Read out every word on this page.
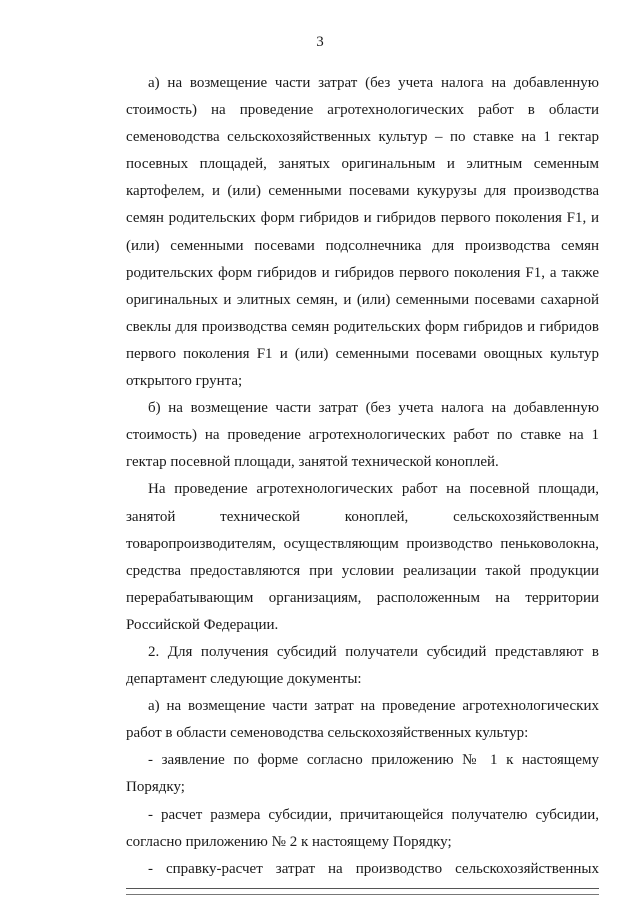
3

а) на возмещение части затрат (без учета налога на добавленную стоимость) на проведение агротехнологических работ в области семеноводства сельскохозяйственных культур – по ставке на 1 гектар посевных площадей, занятых оригинальным и элитным семенным картофелем, и (или) семенными посевами кукурузы для производства семян родительских форм гибридов и гибридов первого поколения F1, и (или) семенными посевами подсолнечника для производства семян родительских форм гибридов и гибридов первого поколения F1, а также оригинальных и элитных семян, и (или) семенными посевами сахарной свеклы для производства семян родительских форм гибридов и гибридов первого поколения F1 и (или) семенными посевами овощных культур открытого грунта;

б) на возмещение части затрат (без учета налога на добавленную стоимость) на проведение агротехнологических работ по ставке на 1 гектар посевной площади, занятой технической коноплей.

На проведение агротехнологических работ на посевной площади, занятой технической коноплей, сельскохозяйственным товаропроизводителям, осуществляющим производство пеньковолокна, средства предоставляются при условии реализации такой продукции перерабатывающим организациям, расположенным на территории Российской Федерации.

2. Для получения субсидий получатели субсидий представляют в департамент следующие документы:

а) на возмещение части затрат на проведение агротехнологических работ в области семеноводства сельскохозяйственных культур:

- заявление по форме согласно приложению № 1 к настоящему Порядку;

- расчет размера субсидии, причитающейся получателю субсидии, согласно приложению № 2 к настоящему Порядку;

- справку-расчет затрат на производство сельскохозяйственных
